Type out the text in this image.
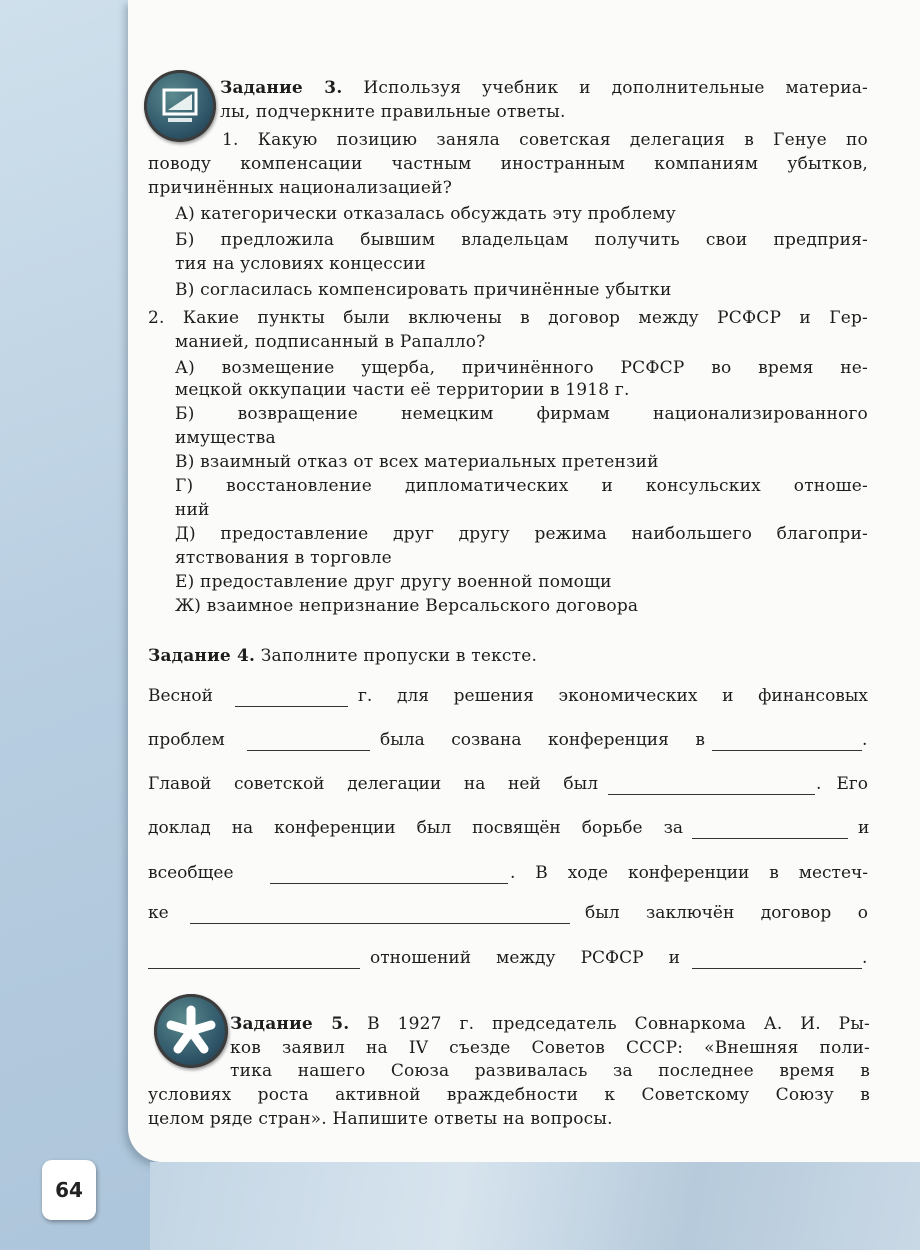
Задание 3. Используя учебник и дополнительные материа-
лы, подчеркните правильные ответы.
1. Какую позицию заняла советская делегация в Генуе по
поводу компенсации частным иностранным компаниям убытков,
причинённых национализацией?
А) категорически отказалась обсуждать эту проблему
Б) предложила бывшим владельцам получить свои предприя-
тия на условиях концессии
В) согласилась компенсировать причинённые убытки
2. Какие пункты были включены в договор между РСФСР и Гер-
манией, подписанный в Рапалло?
А) возмещение ущерба, причинённого РСФСР во время не-
мецкой оккупации части её территории в 1918 г.
Б) возвращение немецким фирмам национализированного
имущества
В) взаимный отказ от всех материальных претензий
Г) восстановление дипломатических и консульских отноше-
ний
Д) предоставление друг другу режима наибольшего благопри-
ятствования в торговле
Е) предоставление друг другу военной помощи
Ж) взаимное непризнание Версальского договора
Задание 4. Заполните пропуски в тексте.
Весной	г. для решения экономических и финансовых
проблем	была созвана конференция в	.
Главой советской делегации на ней был	. Его
доклад на конференции был посвящён борьбе за	и
всеобщее	. В ходе конференции в местеч-
ке	был заключён договор о
отношений между РСФСР и	.
Задание 5. В 1927 г. председатель Совнаркома А. И. Ры-
ков заявил на IV съезде Советов СССР: «Внешняя поли-
тика нашего Союза развивалась за последнее время в
условиях роста активной враждебности к Советскому Союзу в
целом ряде стран». Напишите ответы на вопросы.
64
